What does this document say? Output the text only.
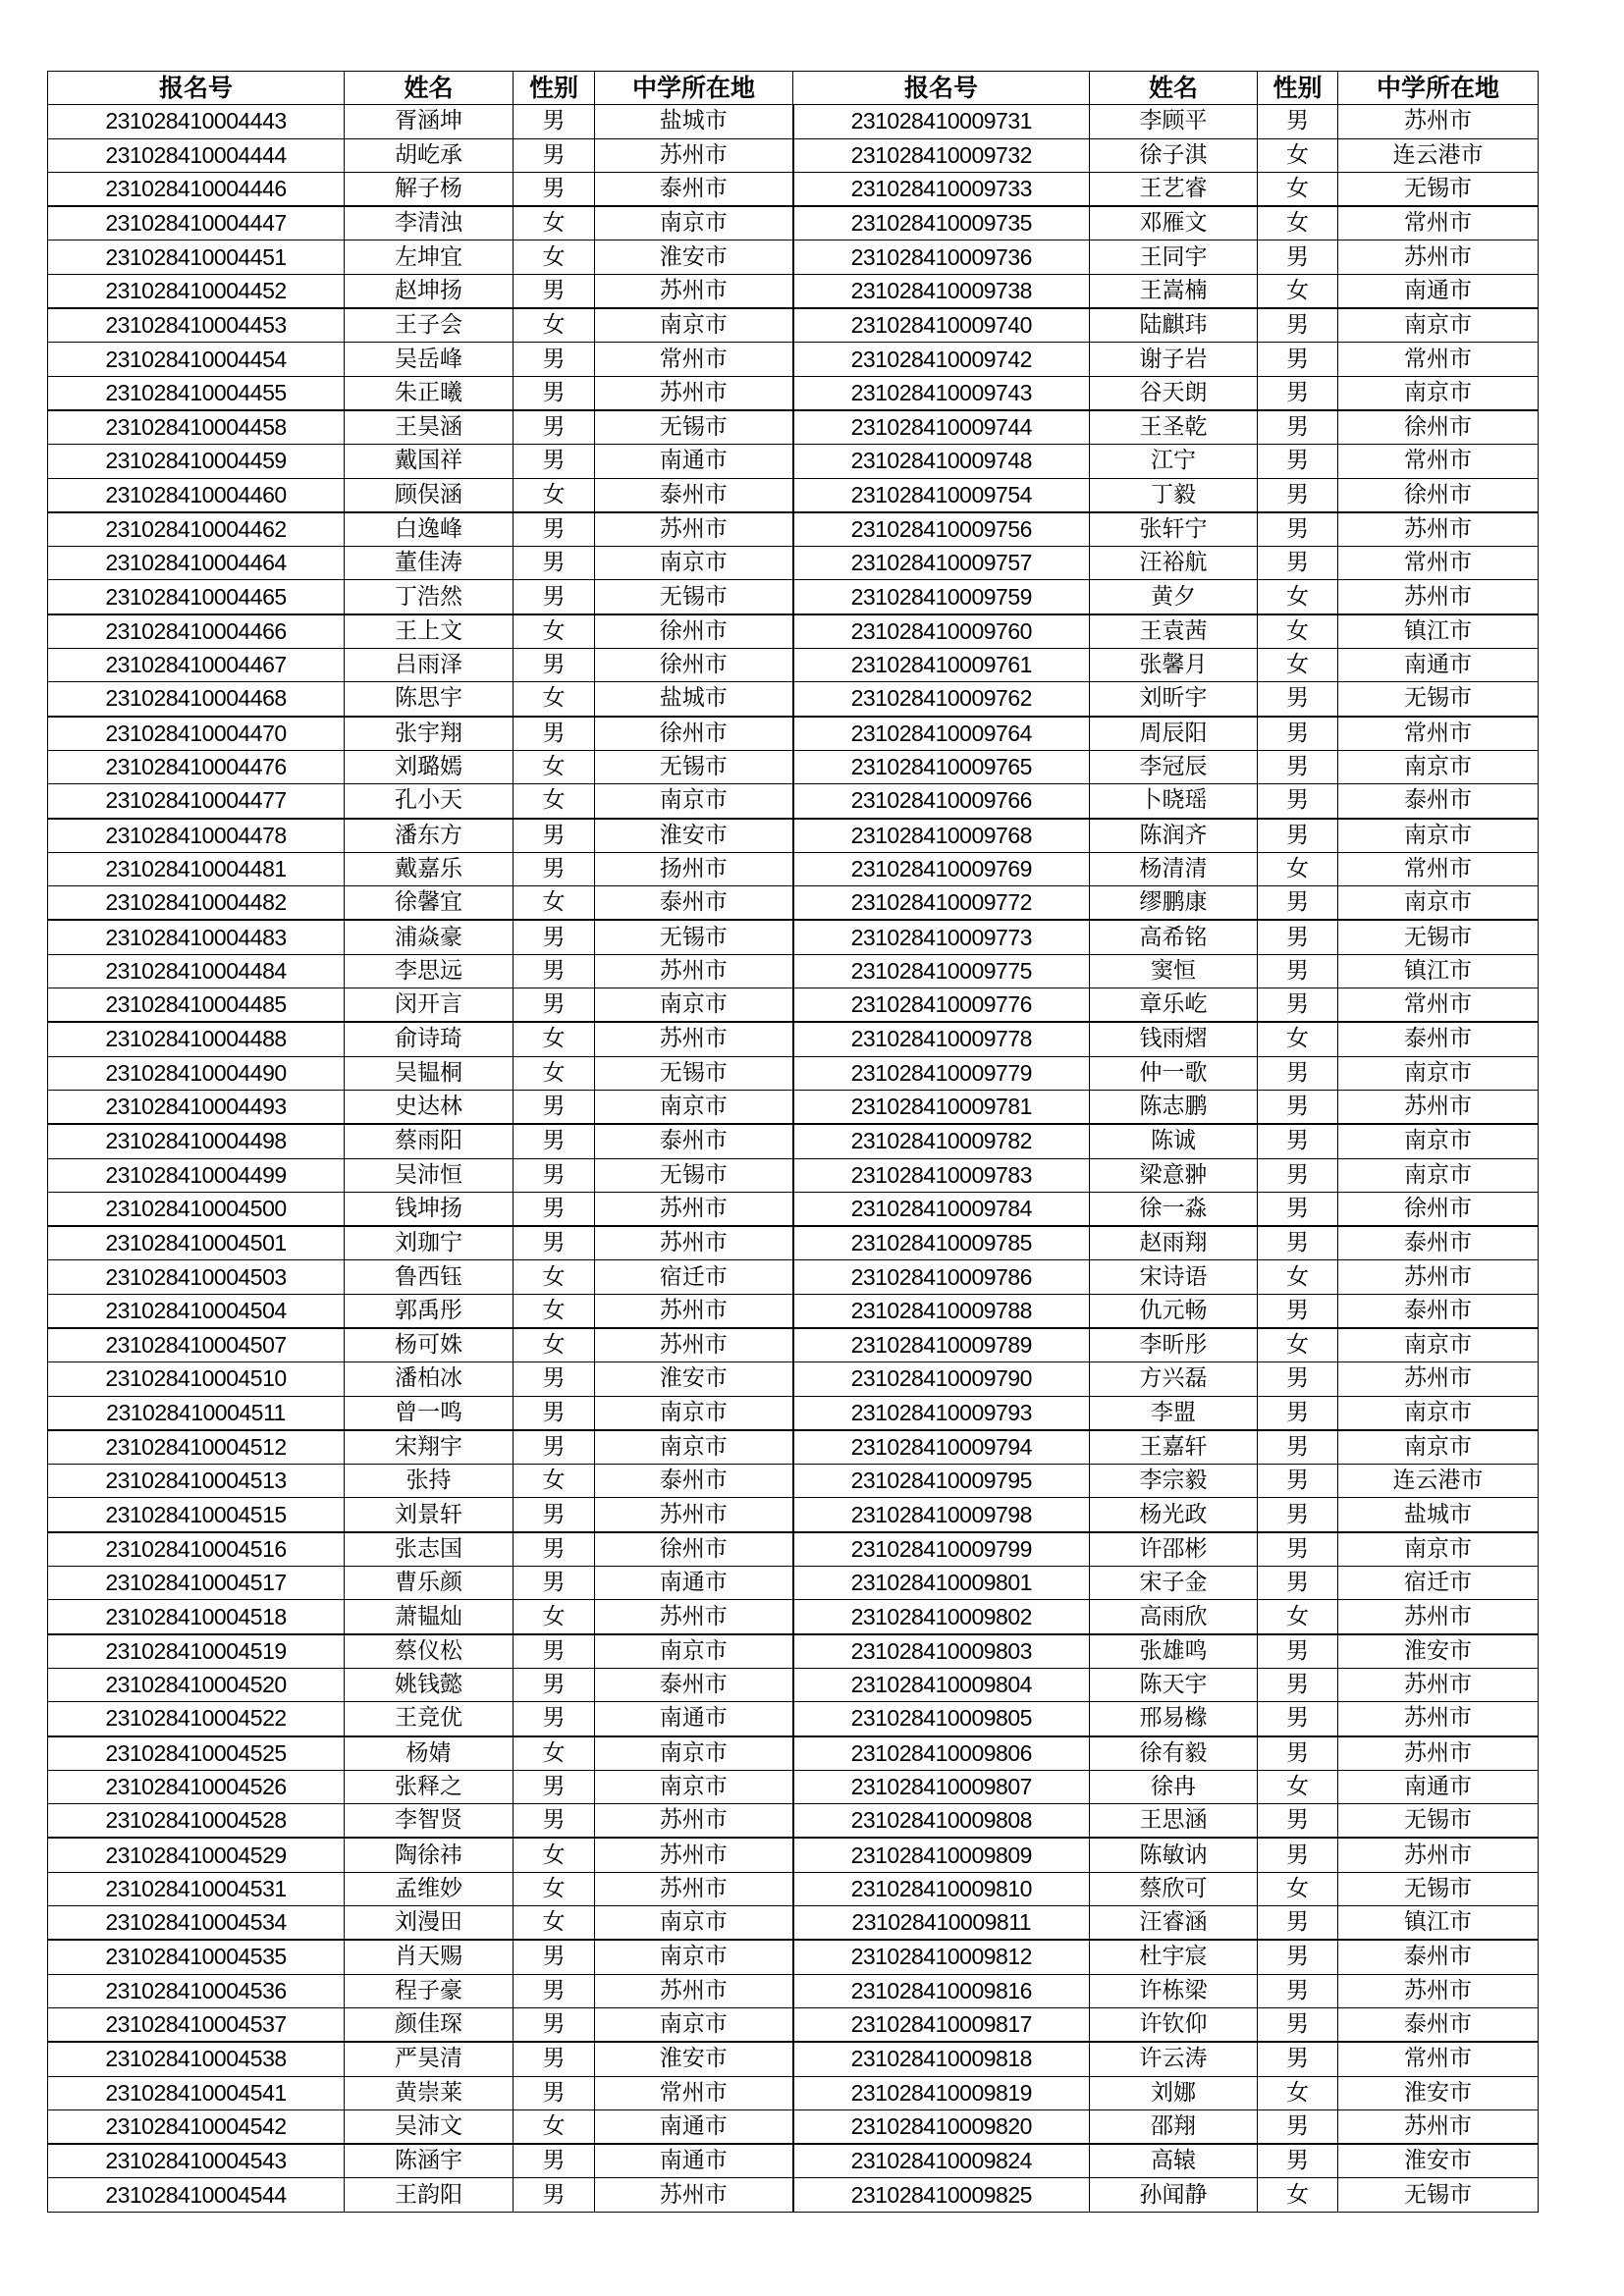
报名号	姓名	性别	中学所在地	报名号	姓名	性别	中学所在地
231028410004443	胥涵坤	男	盐城市	231028410009731	李顾平	男	苏州市
231028410004444	胡屹承	男	苏州市	231028410009732	徐子淇	女	连云港市
231028410004446	解子杨	男	泰州市	231028410009733	王艺睿	女	无锡市
231028410004447	李清浊	女	南京市	231028410009735	邓雁文	女	常州市
231028410004451	左坤宜	女	淮安市	231028410009736	王同宇	男	苏州市
231028410004452	赵坤扬	男	苏州市	231028410009738	王嵩楠	女	南通市
231028410004453	王子会	女	南京市	231028410009740	陆麒玮	男	南京市
231028410004454	吴岳峰	男	常州市	231028410009742	谢子岩	男	常州市
231028410004455	朱正曦	男	苏州市	231028410009743	谷天朗	男	南京市
231028410004458	王昊涵	男	无锡市	231028410009744	王圣乾	男	徐州市
231028410004459	戴国祥	男	南通市	231028410009748	江宁	男	常州市
231028410004460	顾俣涵	女	泰州市	231028410009754	丁毅	男	徐州市
231028410004462	白逸峰	男	苏州市	231028410009756	张轩宁	男	苏州市
231028410004464	董佳涛	男	南京市	231028410009757	汪裕航	男	常州市
231028410004465	丁浩然	男	无锡市	231028410009759	黄夕	女	苏州市
231028410004466	王上文	女	徐州市	231028410009760	王袁茜	女	镇江市
231028410004467	吕雨泽	男	徐州市	231028410009761	张馨月	女	南通市
231028410004468	陈思宇	女	盐城市	231028410009762	刘昕宇	男	无锡市
231028410004470	张宇翔	男	徐州市	231028410009764	周辰阳	男	常州市
231028410004476	刘璐嫣	女	无锡市	231028410009765	李冠辰	男	南京市
231028410004477	孔小天	女	南京市	231028410009766	卜晓瑶	男	泰州市
231028410004478	潘东方	男	淮安市	231028410009768	陈润齐	男	南京市
231028410004481	戴嘉乐	男	扬州市	231028410009769	杨清清	女	常州市
231028410004482	徐馨宜	女	泰州市	231028410009772	缪鹏康	男	南京市
231028410004483	浦焱豪	男	无锡市	231028410009773	高希铭	男	无锡市
231028410004484	李思远	男	苏州市	231028410009775	窦恒	男	镇江市
231028410004485	闵开言	男	南京市	231028410009776	章乐屹	男	常州市
231028410004488	俞诗琦	女	苏州市	231028410009778	钱雨熠	女	泰州市
231028410004490	吴韫桐	女	无锡市	231028410009779	仲一歌	男	南京市
231028410004493	史达林	男	南京市	231028410009781	陈志鹏	男	苏州市
231028410004498	蔡雨阳	男	泰州市	231028410009782	陈诚	男	南京市
231028410004499	吴沛恒	男	无锡市	231028410009783	梁意翀	男	南京市
231028410004500	钱坤扬	男	苏州市	231028410009784	徐一淼	男	徐州市
231028410004501	刘珈宁	男	苏州市	231028410009785	赵雨翔	男	泰州市
231028410004503	鲁西钰	女	宿迁市	231028410009786	宋诗语	女	苏州市
231028410004504	郭禹彤	女	苏州市	231028410009788	仇元畅	男	泰州市
231028410004507	杨可姝	女	苏州市	231028410009789	李昕彤	女	南京市
231028410004510	潘柏冰	男	淮安市	231028410009790	方兴磊	男	苏州市
231028410004511	曾一鸣	男	南京市	231028410009793	李盟	男	南京市
231028410004512	宋翔宇	男	南京市	231028410009794	王嘉轩	男	南京市
231028410004513	张持	女	泰州市	231028410009795	李宗毅	男	连云港市
231028410004515	刘景轩	男	苏州市	231028410009798	杨光政	男	盐城市
231028410004516	张志国	男	徐州市	231028410009799	许邵彬	男	南京市
231028410004517	曹乐颜	男	南通市	231028410009801	宋子金	男	宿迁市
231028410004518	萧韫灿	女	苏州市	231028410009802	高雨欣	女	苏州市
231028410004519	蔡仪松	男	南京市	231028410009803	张雄鸣	男	淮安市
231028410004520	姚钱懿	男	泰州市	231028410009804	陈天宇	男	苏州市
231028410004522	王竞优	男	南通市	231028410009805	邢易橼	男	苏州市
231028410004525	杨婧	女	南京市	231028410009806	徐有毅	男	苏州市
231028410004526	张释之	男	南京市	231028410009807	徐冉	女	南通市
231028410004528	李智贤	男	苏州市	231028410009808	王思涵	男	无锡市
231028410004529	陶徐祎	女	苏州市	231028410009809	陈敏讷	男	苏州市
231028410004531	孟维妙	女	苏州市	231028410009810	蔡欣可	女	无锡市
231028410004534	刘漫田	女	南京市	231028410009811	汪睿涵	男	镇江市
231028410004535	肖天赐	男	南京市	231028410009812	杜宇宸	男	泰州市
231028410004536	程子豪	男	苏州市	231028410009816	许栋梁	男	苏州市
231028410004537	颜佳琛	男	南京市	231028410009817	许钦仰	男	泰州市
231028410004538	严昊清	男	淮安市	231028410009818	许云涛	男	常州市
231028410004541	黄崇莱	男	常州市	231028410009819	刘娜	女	淮安市
231028410004542	吴沛文	女	南通市	231028410009820	邵翔	男	苏州市
231028410004543	陈涵宇	男	南通市	231028410009824	高辕	男	淮安市
231028410004544	王韵阳	男	苏州市	231028410009825	孙闻静	女	无锡市
